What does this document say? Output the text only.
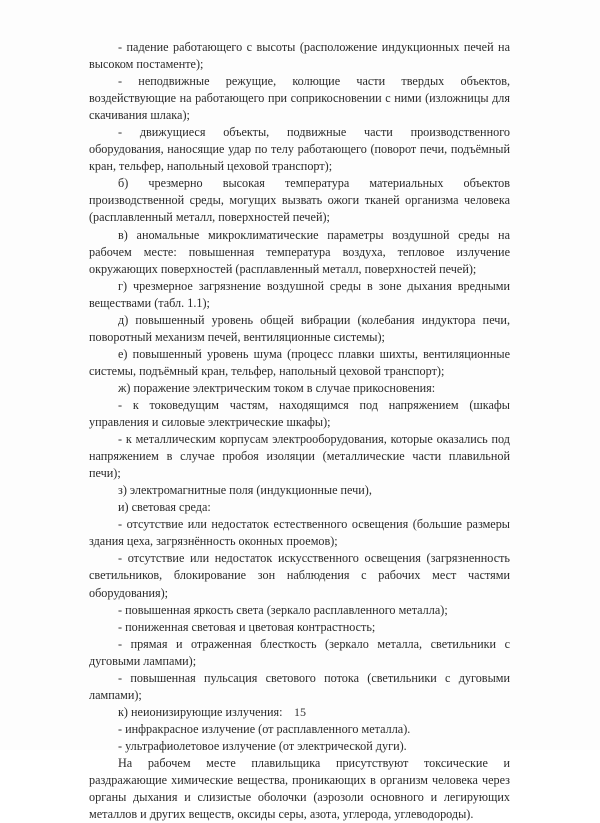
- падение работающего с высоты (расположение индукционных печей на высоком постаменте);

- неподвижные режущие, колющие части твердых объектов, воздействующие на работающего при соприкосновении с ними (изложницы для скачивания шлака);

- движущиеся объекты, подвижные части производственного оборудования, наносящие удар по телу работающего (поворот печи, подъёмный кран, тельфер, напольный цеховой транспорт);

б) чрезмерно высокая температура материальных объектов производственной среды, могущих вызвать ожоги тканей организма человека (расплавленный металл, поверхностей печей);

в) аномальные микроклиматические параметры воздушной среды на рабочем месте: повышенная температура воздуха, тепловое излучение окружающих поверхностей (расплавленный металл, поверхностей печей);

г) чрезмерное загрязнение воздушной среды в зоне дыхания вредными веществами (табл. 1.1);

д) повышенный уровень общей вибрации (колебания индуктора печи, поворотный механизм печей, вентиляционные системы);

е) повышенный уровень шума (процесс плавки шихты, вентиляционные системы, подъёмный кран, тельфер, напольный цеховой транспорт);

ж) поражение электрическим током в случае прикосновения:

- к токоведущим частям, находящимся под напряжением (шкафы управления и силовые электрические шкафы);

- к металлическим корпусам электрооборудования, которые оказались под напряжением в случае пробоя изоляции (металлические части плавильной печи);

з) электромагнитные поля (индукционные печи),

и) световая среда:

- отсутствие или недостаток естественного освещения (большие размеры здания цеха, загрязнённость оконных проемов);

- отсутствие или недостаток искусственного освещения (загрязненность светильников, блокирование зон наблюдения с рабочих мест частями оборудования);

- повышенная яркость света (зеркало расплавленного металла);

- пониженная световая и цветовая контрастность;

- прямая и отраженная блесткость (зеркало металла, светильники с дуговыми лампами);

- повышенная пульсация светового потока (светильники с дуговыми лампами);

к) неионизирующие излучения:

- инфракрасное излучение (от расплавленного металла).

- ультрафиолетовое излучение (от электрической дуги).

На рабочем месте плавильщика присутствуют токсические и раздражающие химические вещества, проникающих в организм человека через органы дыхания и слизистые оболочки (аэрозоли основного и легирующих металлов и других веществ, оксиды серы, азота, углерода, углеводороды).

15
